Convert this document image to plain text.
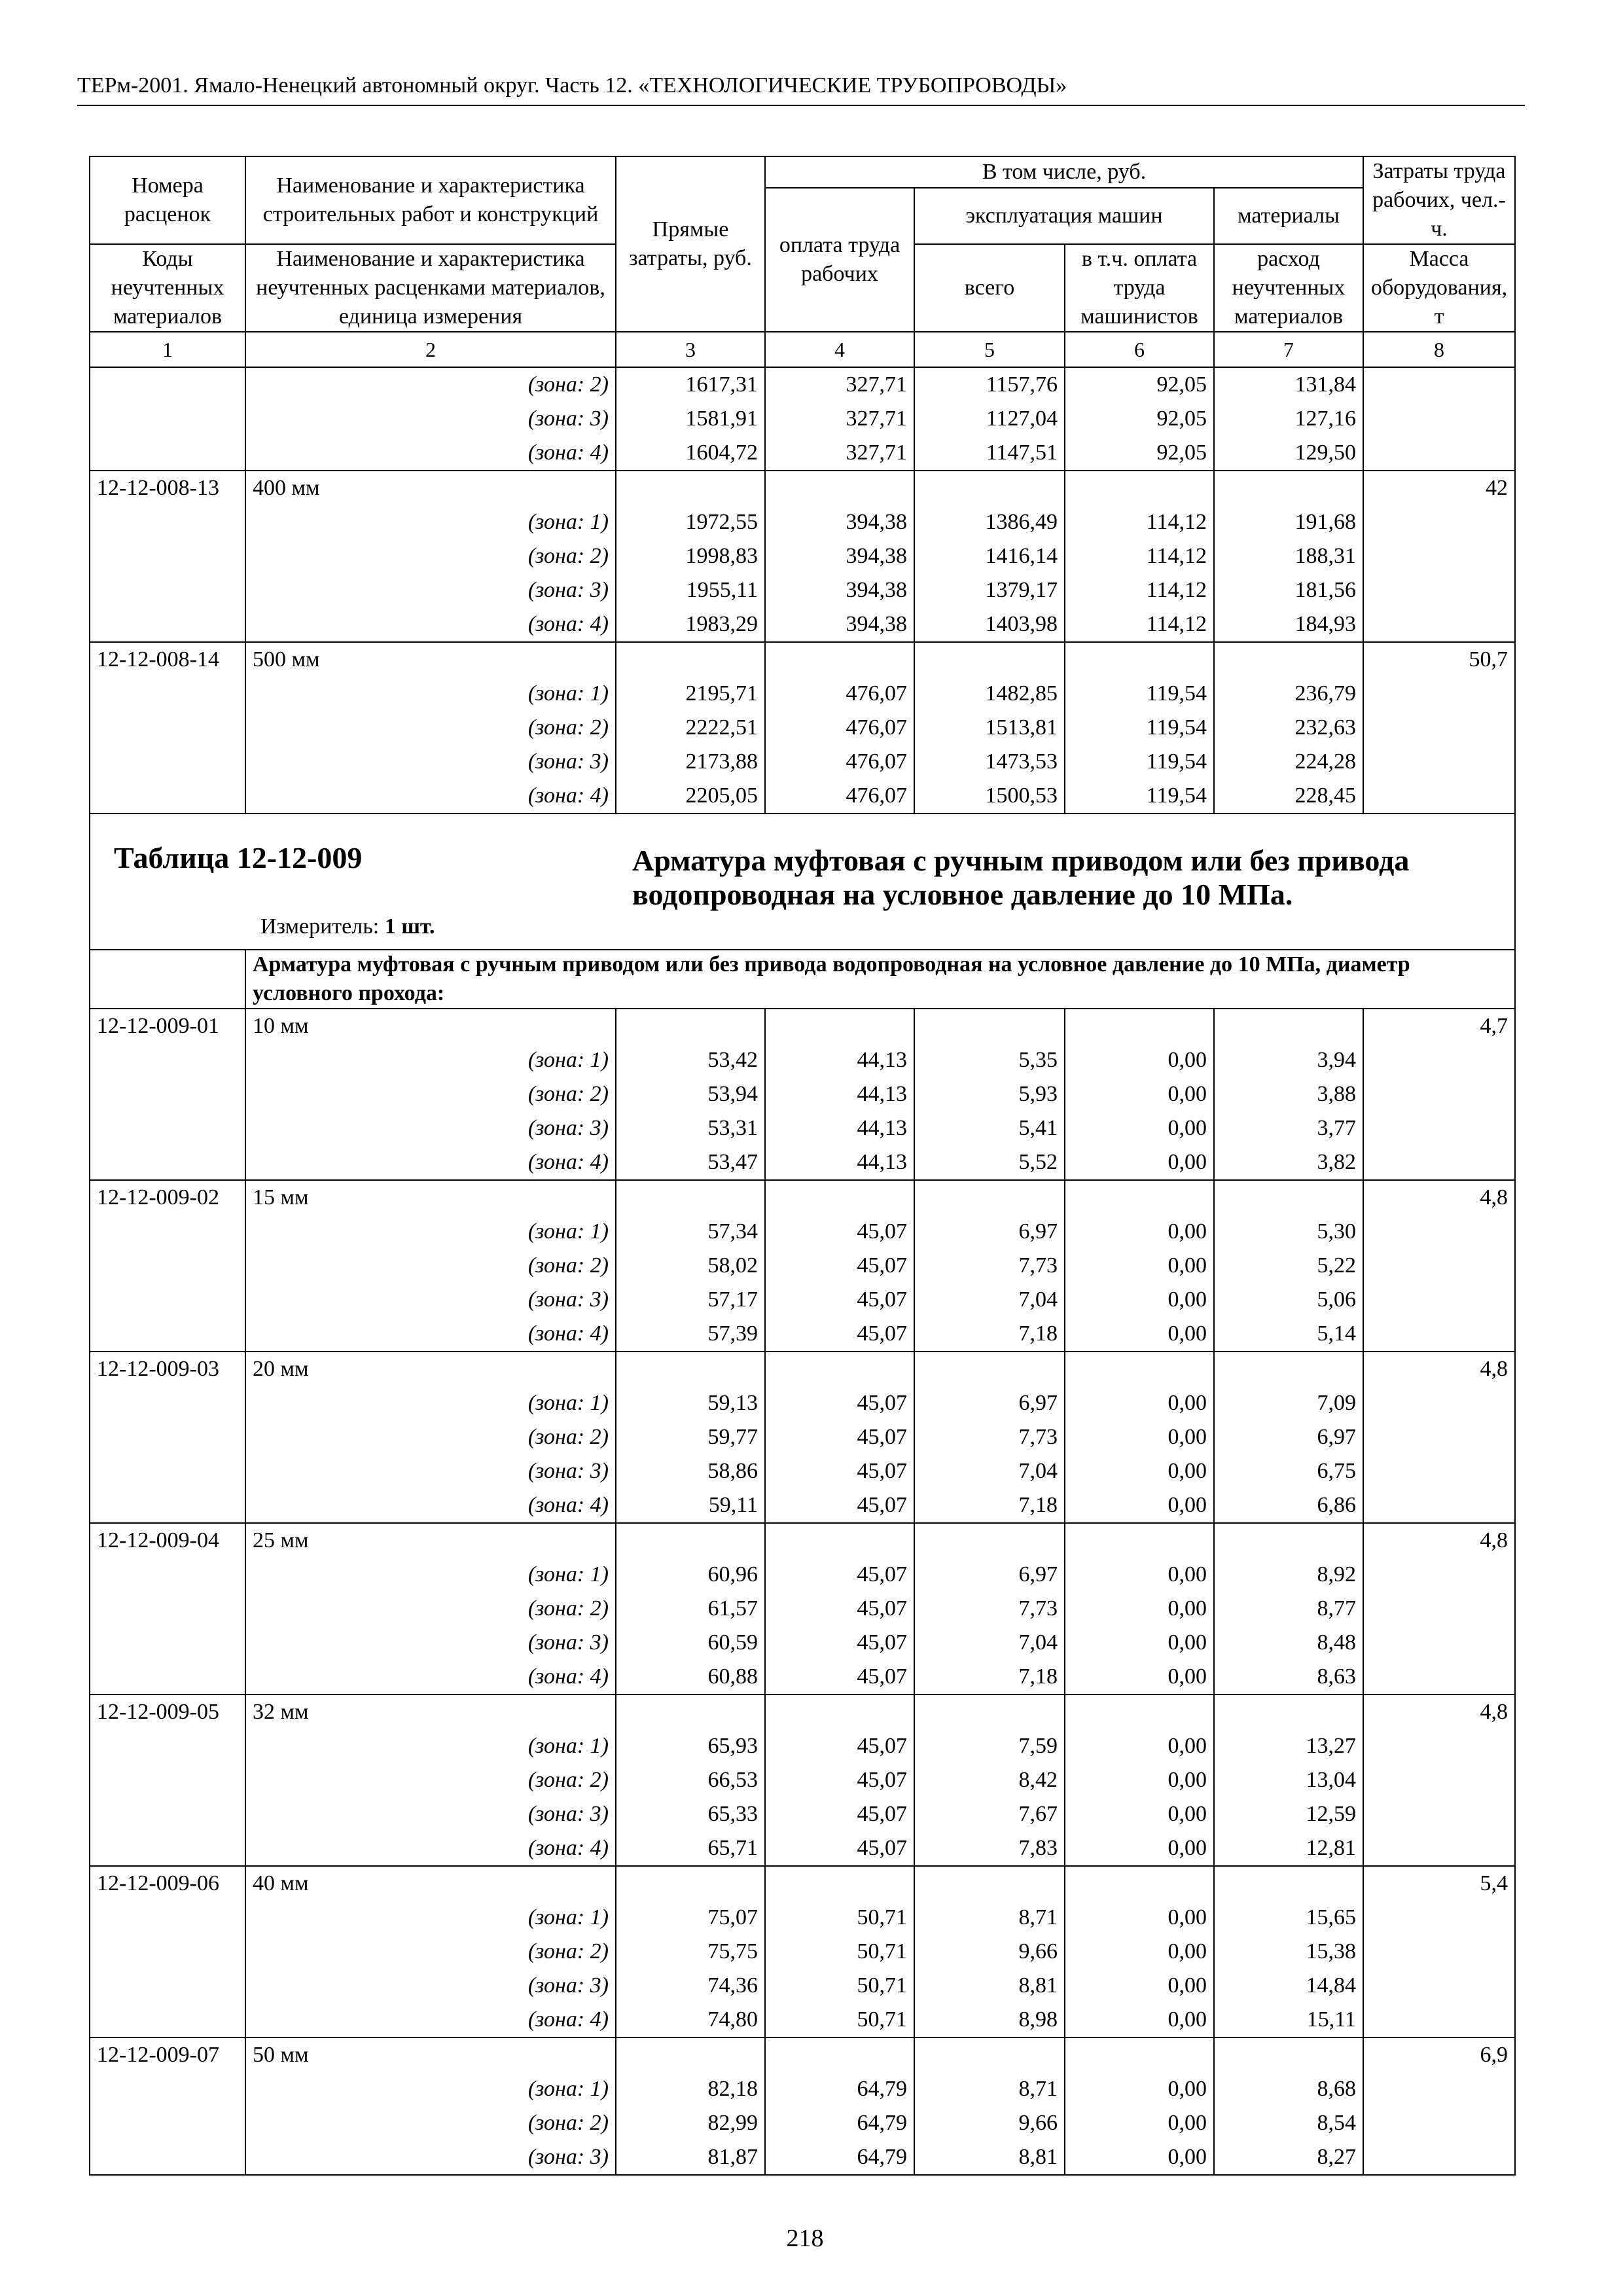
ТЕРм-2001. Ямало-Ненецкий автономный округ. Часть 12. «ТЕХНОЛОГИЧЕСКИЕ ТРУБОПРОВОДЫ»
Номера расценок	Наименование и характеристика строительных работ и конструкций	Прямые затраты, руб.	В том числе, руб.				Затраты труда рабочих, чел.-ч.
			оплата труда рабочих	эксплуатация машин		материалы	
Коды неучтенных материалов	Наименование и характеристика неучтенных расценками материалов, единица измерения			всего	в т.ч. оплата труда машинистов	расход неучтенных материалов	Масса оборудования, т
1	2	3	4	5	6	7	8
	(зона: 2)	1617,31	327,71	1157,76	92,05	131,84	
	(зона: 3)	1581,91	327,71	1127,04	92,05	127,16	
	(зона: 4)	1604,72	327,71	1147,51	92,05	129,50	
12-12-008-13	400 мм						42
	(зона: 1)	1972,55	394,38	1386,49	114,12	191,68	
	(зона: 2)	1998,83	394,38	1416,14	114,12	188,31	
	(зона: 3)	1955,11	394,38	1379,17	114,12	181,56	
	(зона: 4)	1983,29	394,38	1403,98	114,12	184,93	
12-12-008-14	500 мм						50,7
	(зона: 1)	2195,71	476,07	1482,85	119,54	236,79	
	(зона: 2)	2222,51	476,07	1513,81	119,54	232,63	
	(зона: 3)	2173,88	476,07	1473,53	119,54	224,28	
	(зона: 4)	2205,05	476,07	1500,53	119,54	228,45	

Таблица 12-12-009 Арматура муфтовая с ручным приводом или без привода водопроводная на условное давление до 10 МПа.
Измеритель: 1 шт.							

	Арматура муфтовая с ручным приводом или без привода водопроводная на условное давление до 10 МПа, диаметр условного прохода:						
12-12-009-01	10 мм						4,7
	(зона: 1)	53,42	44,13	5,35	0,00	3,94	
	(зона: 2)	53,94	44,13	5,93	0,00	3,88	
	(зона: 3)	53,31	44,13	5,41	0,00	3,77	
	(зона: 4)	53,47	44,13	5,52	0,00	3,82	
12-12-009-02	15 мм						4,8
	(зона: 1)	57,34	45,07	6,97	0,00	5,30	
	(зона: 2)	58,02	45,07	7,73	0,00	5,22	
	(зона: 3)	57,17	45,07	7,04	0,00	5,06	
	(зона: 4)	57,39	45,07	7,18	0,00	5,14	
12-12-009-03	20 мм						4,8
	(зона: 1)	59,13	45,07	6,97	0,00	7,09	
	(зона: 2)	59,77	45,07	7,73	0,00	6,97	
	(зона: 3)	58,86	45,07	7,04	0,00	6,75	
	(зона: 4)	59,11	45,07	7,18	0,00	6,86	
12-12-009-04	25 мм						4,8
	(зона: 1)	60,96	45,07	6,97	0,00	8,92	
	(зона: 2)	61,57	45,07	7,73	0,00	8,77	
	(зона: 3)	60,59	45,07	7,04	0,00	8,48	
	(зона: 4)	60,88	45,07	7,18	0,00	8,63	
12-12-009-05	32 мм						4,8
	(зона: 1)	65,93	45,07	7,59	0,00	13,27	
	(зона: 2)	66,53	45,07	8,42	0,00	13,04	
	(зона: 3)	65,33	45,07	7,67	0,00	12,59	
	(зона: 4)	65,71	45,07	7,83	0,00	12,81	
12-12-009-06	40 мм						5,4
	(зона: 1)	75,07	50,71	8,71	0,00	15,65	
	(зона: 2)	75,75	50,71	9,66	0,00	15,38	
	(зона: 3)	74,36	50,71	8,81	0,00	14,84	
	(зона: 4)	74,80	50,71	8,98	0,00	15,11	
12-12-009-07	50 мм						6,9
	(зона: 1)	82,18	64,79	8,71	0,00	8,68	
	(зона: 2)	82,99	64,79	9,66	0,00	8,54	
	(зона: 3)	81,87	64,79	8,81	0,00	8,27	
218
